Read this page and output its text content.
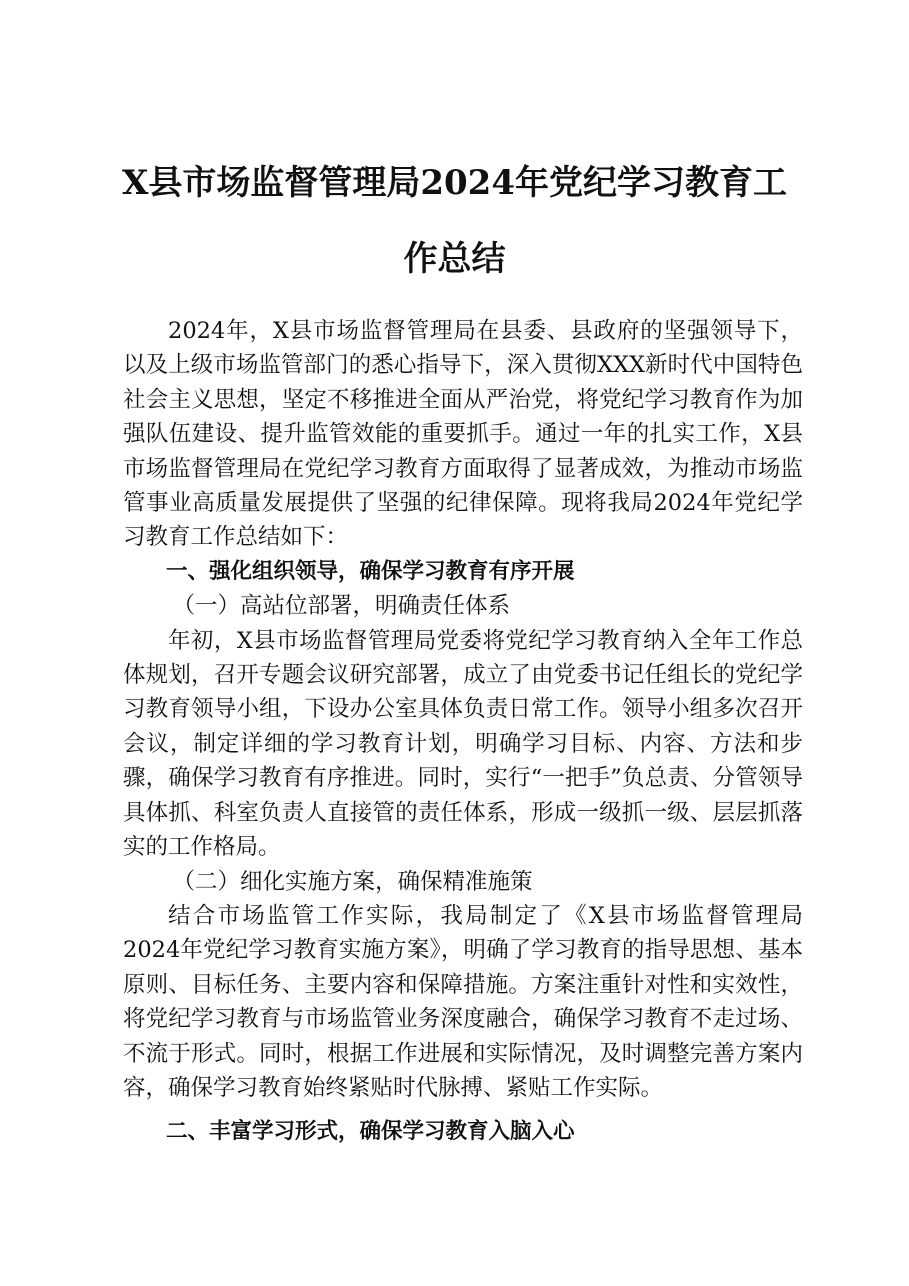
X县市场监督管理局2024年党纪学习教育工
作总结

2024年，X县市场监督管理局在县委、县政府的坚强领导下，以及上级市场监管部门的悉心指导下，深入贯彻XXX新时代中国特色社会主义思想，坚定不移推进全面从严治党，将党纪学习教育作为加强队伍建设、提升监管效能的重要抓手。通过一年的扎实工作，X县市场监督管理局在党纪学习教育方面取得了显著成效，为推动市场监管事业高质量发展提供了坚强的纪律保障。现将我局2024年党纪学习教育工作总结如下：

一、强化组织领导，确保学习教育有序开展

（一）高站位部署，明确责任体系

年初，X县市场监督管理局党委将党纪学习教育纳入全年工作总体规划，召开专题会议研究部署，成立了由党委书记任组长的党纪学习教育领导小组，下设办公室具体负责日常工作。领导小组多次召开会议，制定详细的学习教育计划，明确学习目标、内容、方法和步骤，确保学习教育有序推进。同时，实行“一把手”负总责、分管领导具体抓、科室负责人直接管的责任体系，形成一级抓一级、层层抓落实的工作格局。

（二）细化实施方案，确保精准施策

结合市场监管工作实际，我局制定了《X县市场监督管理局2024年党纪学习教育实施方案》，明确了学习教育的指导思想、基本原则、目标任务、主要内容和保障措施。方案注重针对性和实效性，将党纪学习教育与市场监管业务深度融合，确保学习教育不走过场、不流于形式。同时，根据工作进展和实际情况，及时调整完善方案内容，确保学习教育始终紧贴时代脉搏、紧贴工作实际。

二、丰富学习形式，确保学习教育入脑入心
